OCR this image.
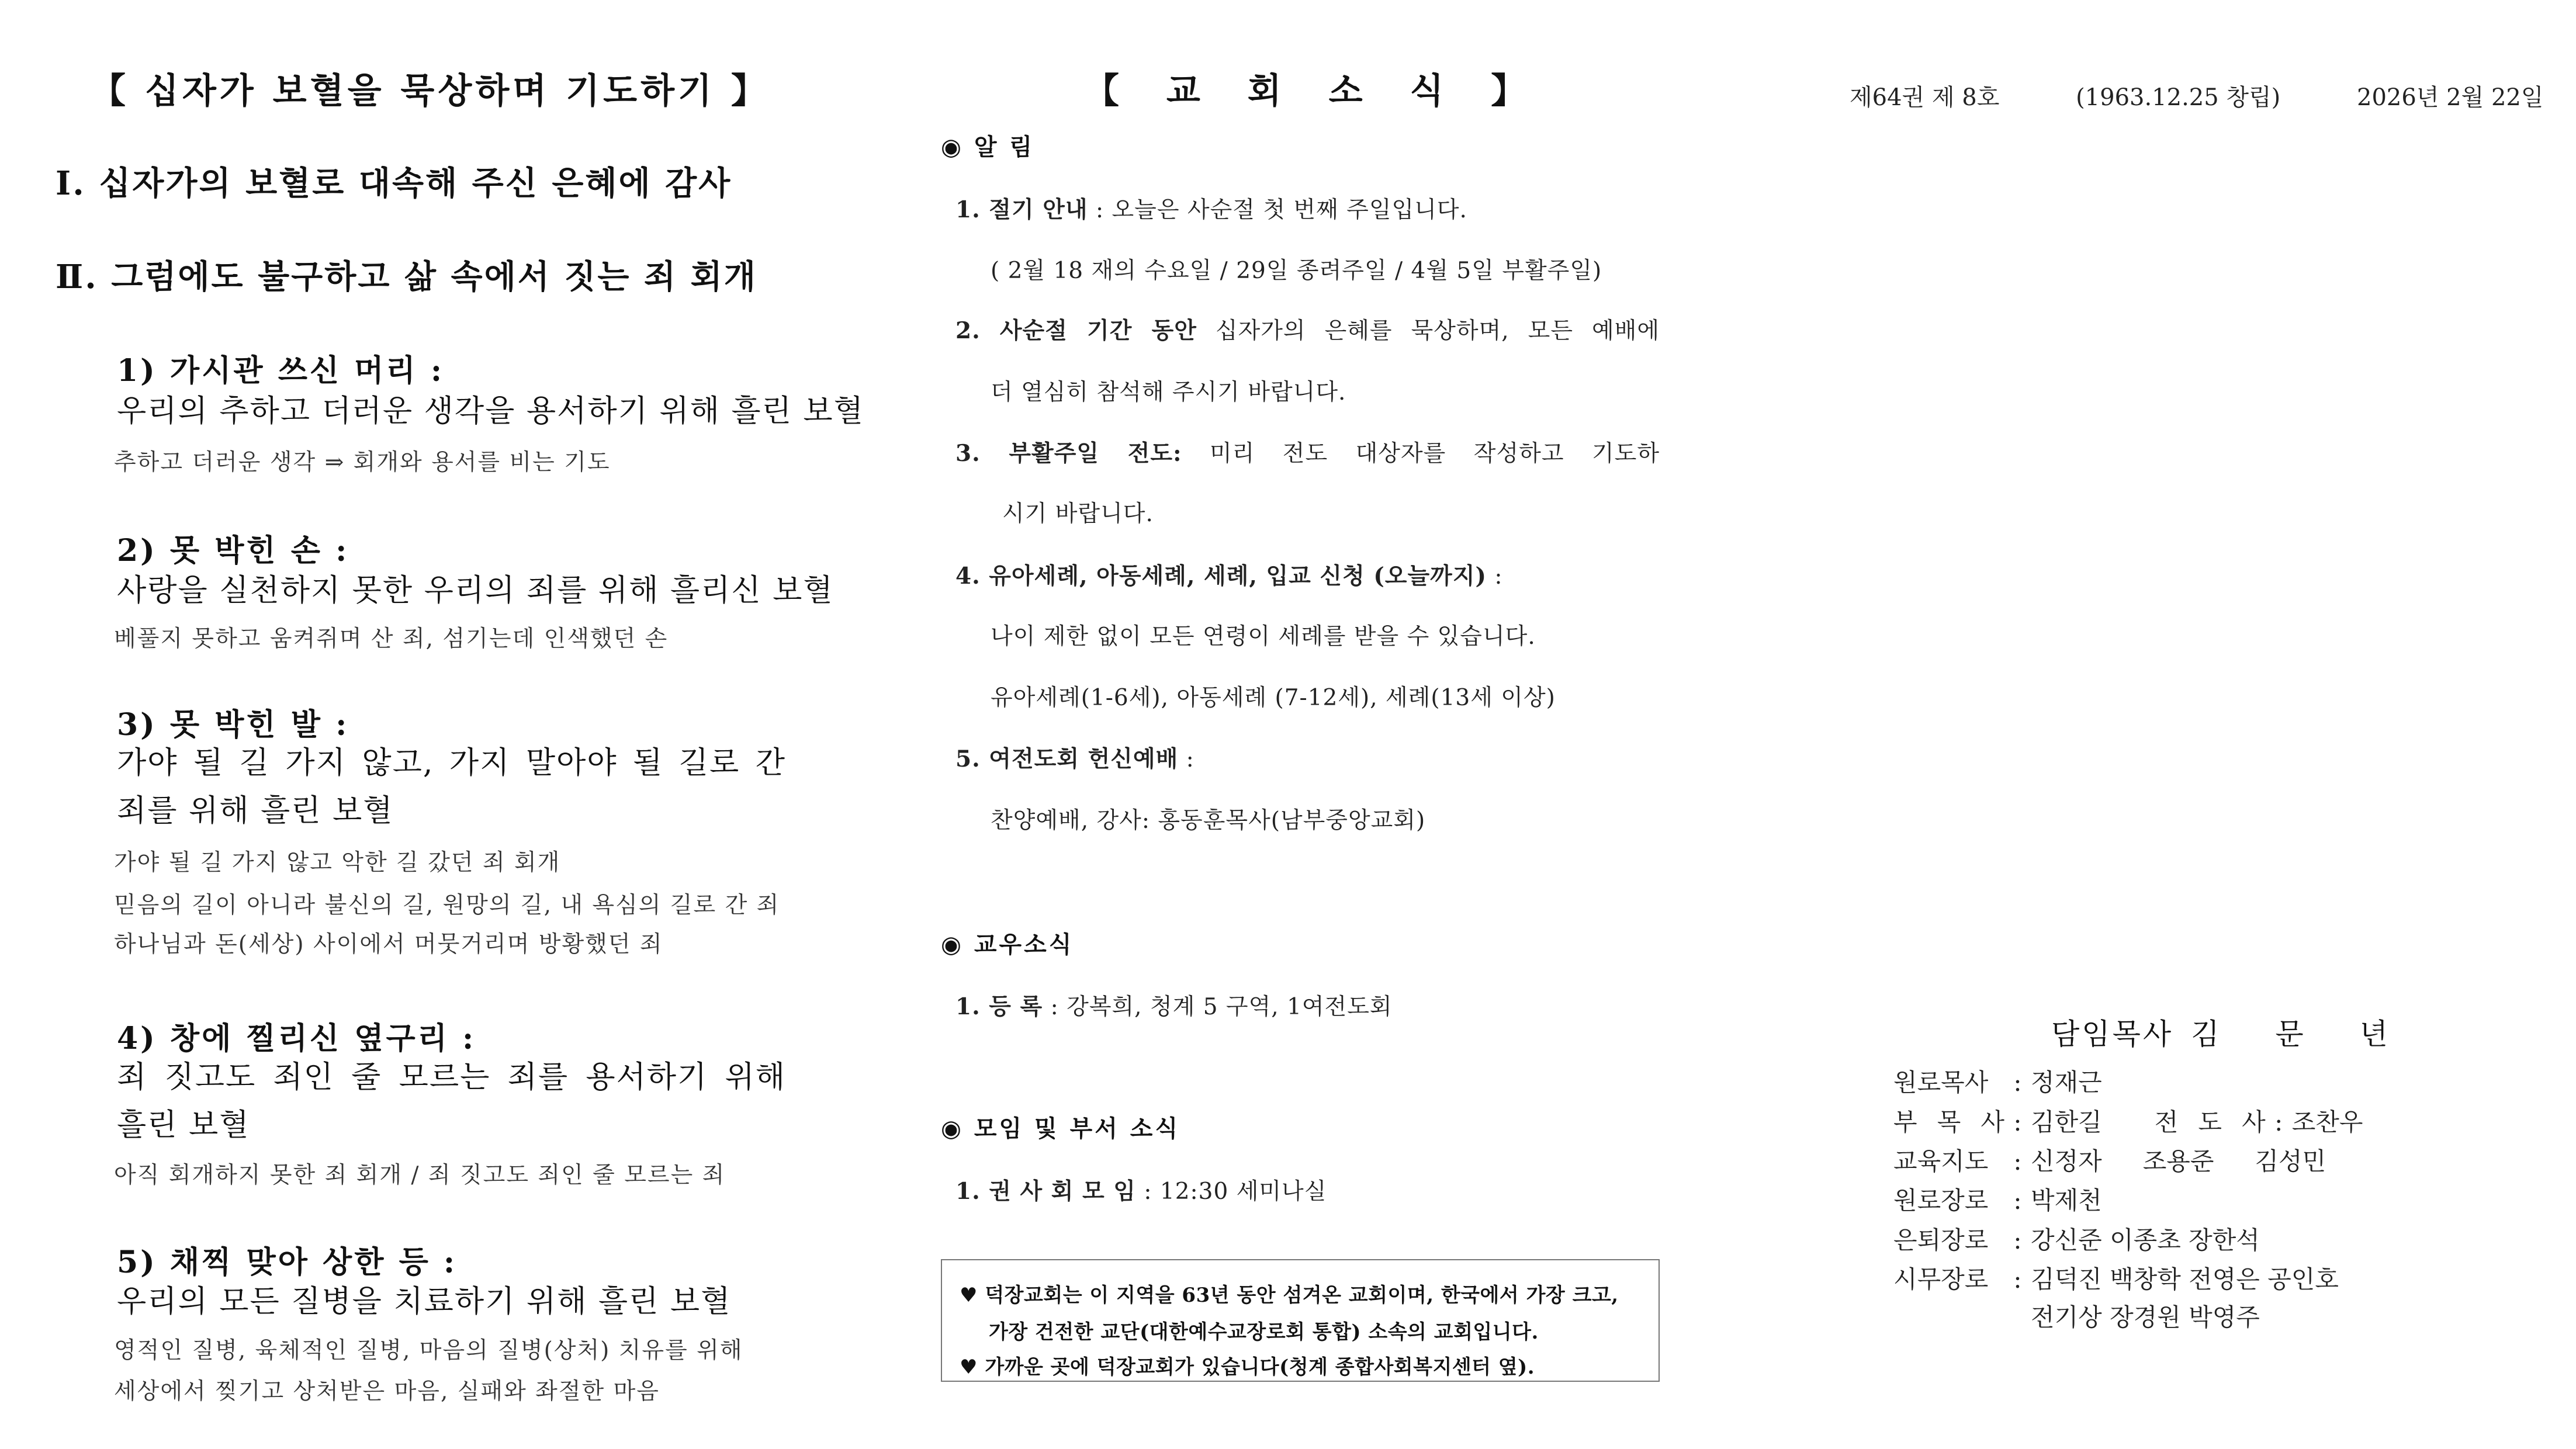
【 십자가 보혈을 묵상하며 기도하기 】
Ⅰ. 십자가의 보혈로 대속해 주신 은혜에 감사
Ⅱ. 그럼에도 불구하고 삶 속에서 짓는 죄 회개
1) 가시관 쓰신 머리 :
우리의 추하고 더러운 생각을 용서하기 위해 흘린 보혈
추하고 더러운 생각 ⇒ 회개와 용서를 비는 기도
2) 못 박힌 손 :
사랑을 실천하지 못한 우리의 죄를 위해 흘리신 보혈
베풀지 못하고 움켜쥐며 산 죄, 섬기는데 인색했던 손
3) 못 박힌 발 :
가야 될 길 가지 않고, 가지 말아야 될 길로 간
죄를 위해 흘린 보혈
가야 될 길 가지 않고 악한 길 갔던 죄 회개
믿음의 길이 아니라 불신의 길, 원망의 길, 내 욕심의 길로 간 죄
하나님과 돈(세상) 사이에서 머뭇거리며 방황했던 죄
4) 창에 찔리신 옆구리 :
죄 짓고도 죄인 줄 모르는 죄를 용서하기 위해
흘린 보혈
아직 회개하지 못한 죄 회개 / 죄 짓고도 죄인 줄 모르는 죄
5) 채찍 맞아 상한 등 :
우리의 모든 질병을 치료하기 위해 흘린 보혈
영적인 질병, 육체적인 질병, 마음의 질병(상처) 치유를 위해
세상에서 찢기고 상처받은 마음, 실패와 좌절한 마음
【 교 회 소 식 】
◉ 알 림
1. 절기 안내 : 오늘은 사순절 첫 번째 주일입니다.
( 2월 18 재의 수요일 / 29일 종려주일 / 4월 5일 부활주일)
2. 사순절 기간 동안 십자가의 은혜를 묵상하며, 모든 예배에
더 열심히 참석해 주시기 바랍니다.
3. 부활주일 전도: 미리 전도 대상자를 작성하고 기도하
시기 바랍니다.
4. 유아세례, 아동세례, 세례, 입교 신청 (오늘까지) :
나이 제한 없이 모든 연령이 세례를 받을 수 있습니다.
유아세례(1-6세), 아동세례 (7-12세), 세례(13세 이상)
5. 여전도회 헌신예배 :
찬양예배, 강사: 홍동훈목사(남부중앙교회)
◉ 교우소식
1. 등 록 : 강복희, 청계 5 구역, 1여전도회
◉ 모임 및 부서 소식
1. 권 사 회 모 임 : 12:30 세미나실
♥ 덕장교회는 이 지역을 63년 동안 섬겨온 교회이며, 한국에서 가장 크고,
가장 건전한 교단(대한예수교장로회 통합) 소속의 교회입니다.
♥ 가까운 곳에 덕장교회가 있습니다(청계 종합사회복지센터 옆).
제64권 제 8호	(1963.12.25 창립)	2026년 2월 22일
담임목사 김 문 년
원로목사 : 정재근
부 목 사 : 김한길 전 도 사 : 조찬우
교육지도 : 신정자 조용준 김성민
원로장로 : 박제천
은퇴장로 : 강신준 이종초 장한석
시무장로 : 김덕진 백창학 전영은 공인호
전기상 장경원 박영주
